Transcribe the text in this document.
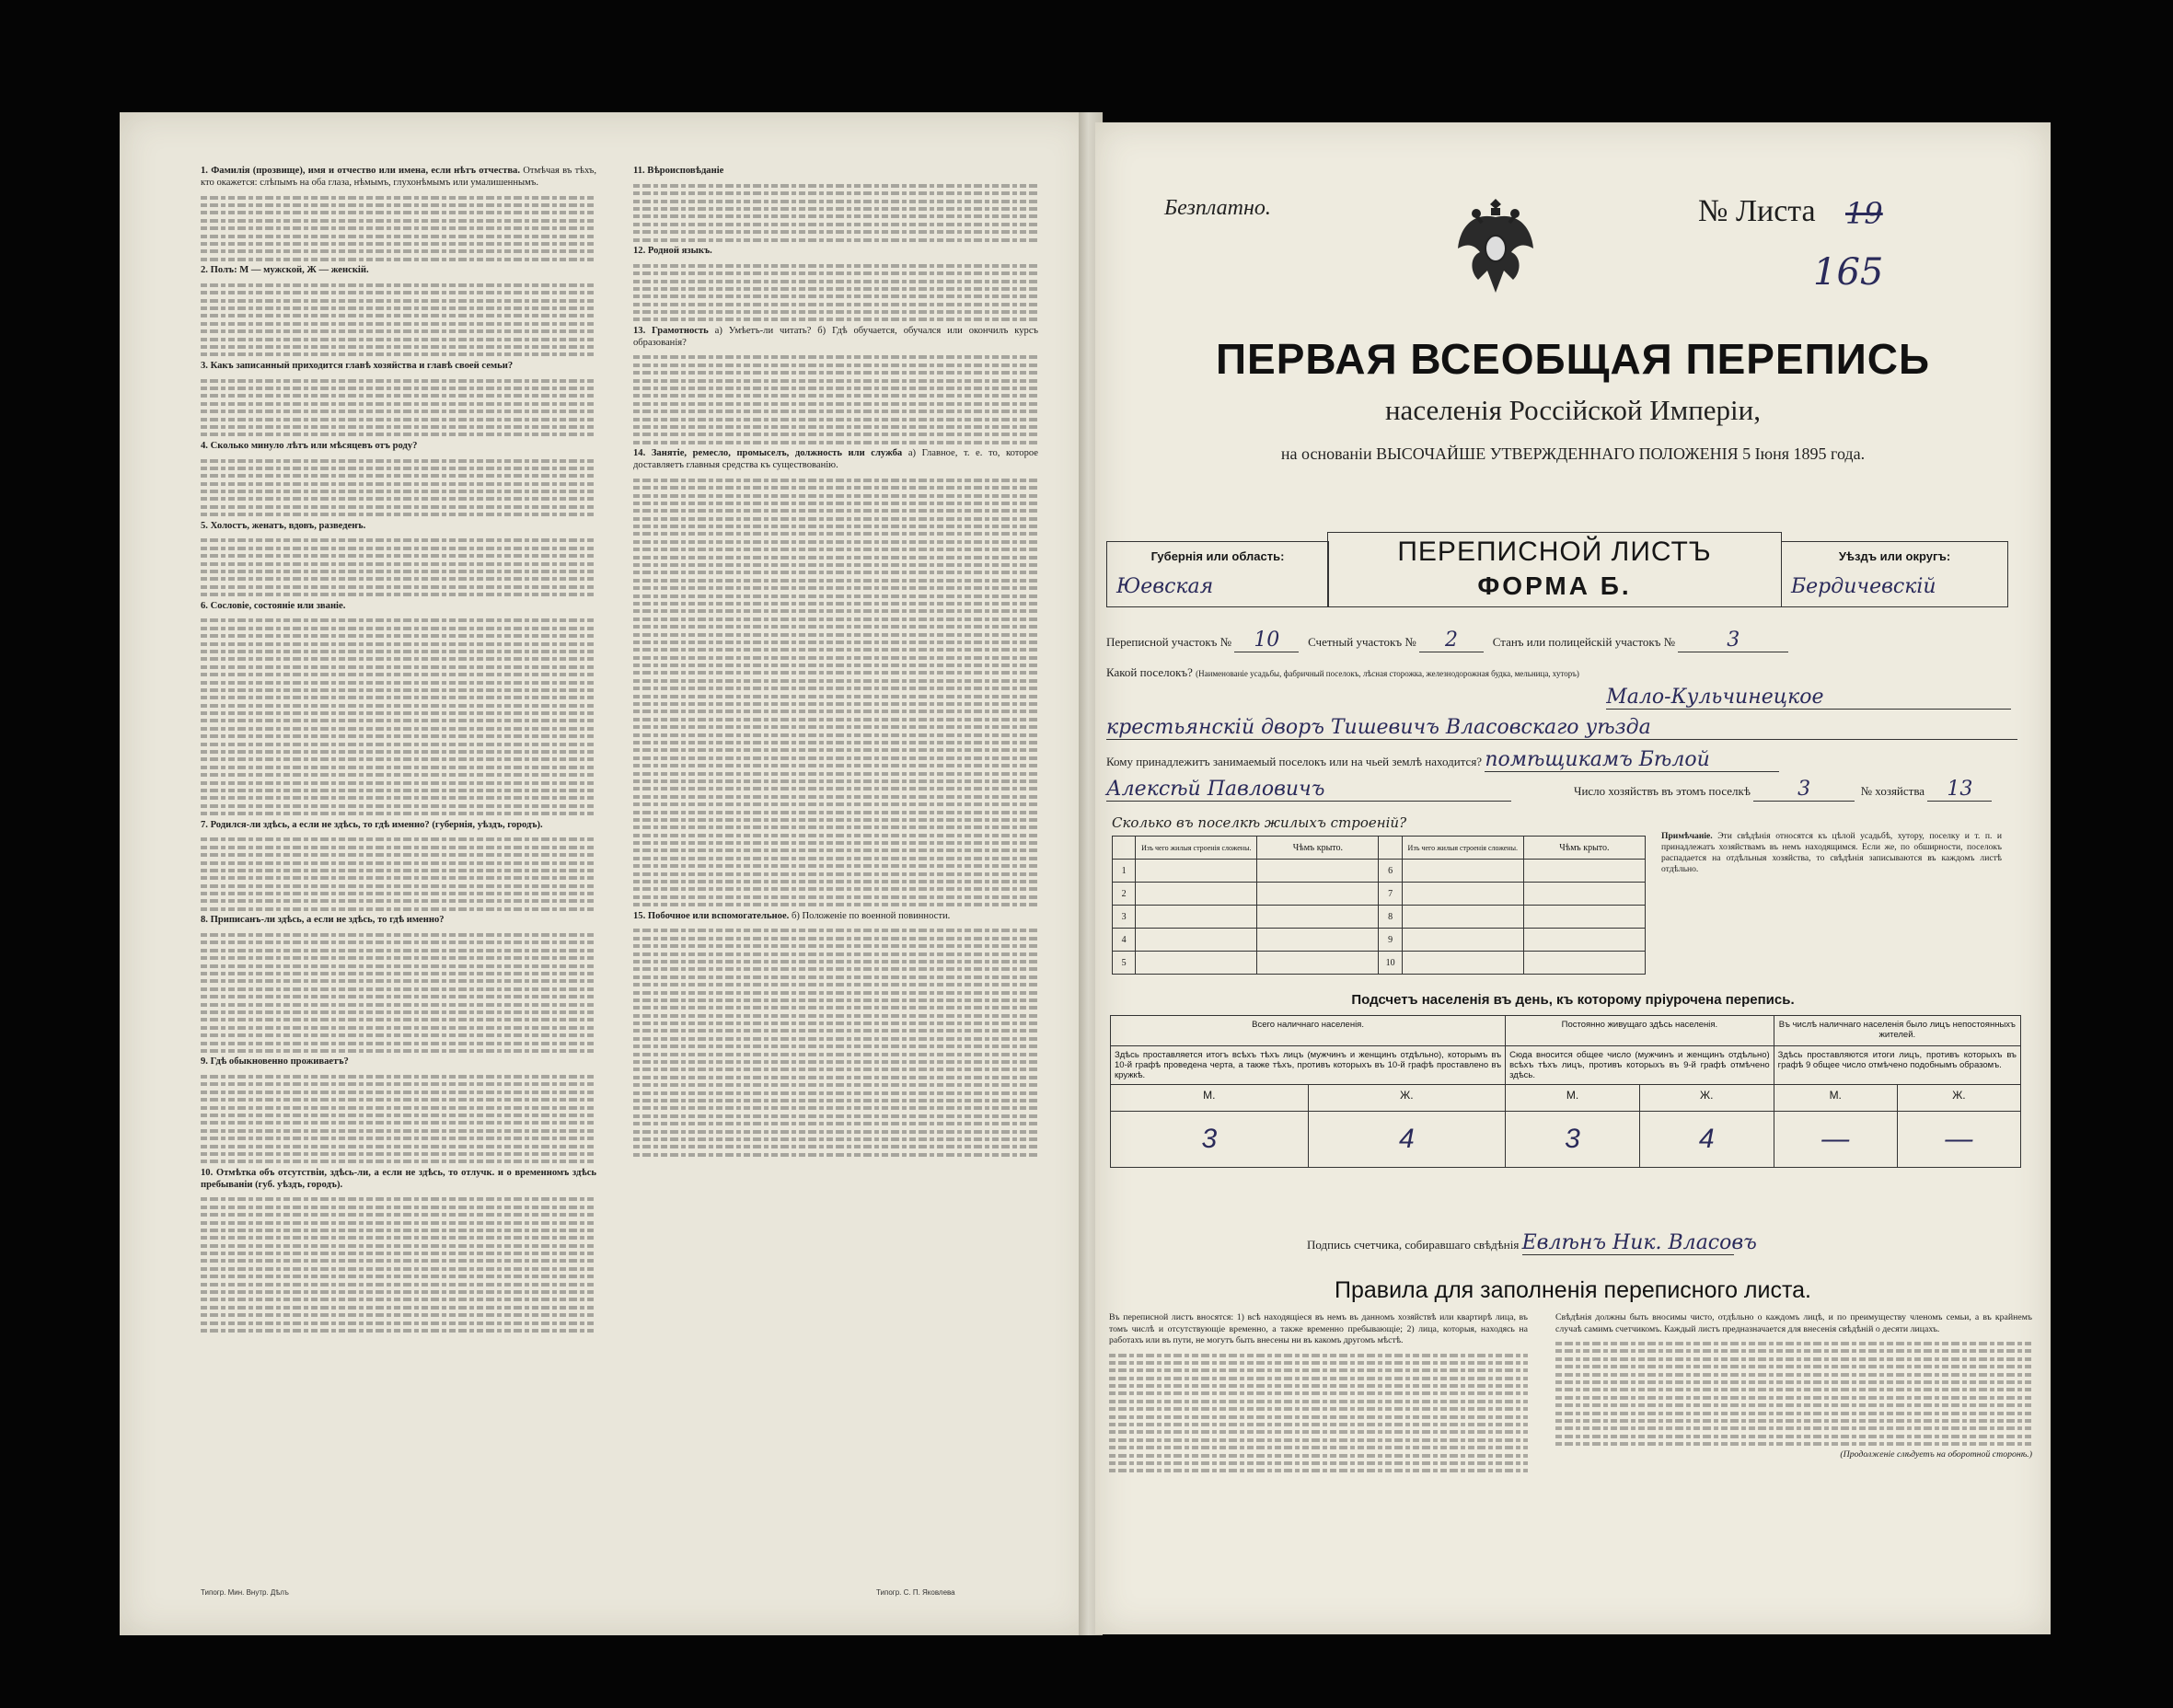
1. Фамилія (прозвище), имя и отчество или имена, если нѣтъ отчества. Отмѣчая въ тѣхъ, кто окажется: слѣпымъ на оба глаза, нѣмымъ, глухонѣмымъ или умалишеннымъ.

2. Полъ: М — мужской, Ж — женскій.

3. Какъ записанный приходится главѣ хозяйства и главѣ своей семьи?

4. Сколько минуло лѣтъ или мѣсяцевъ отъ роду?

5. Холостъ, женатъ, вдовъ, разведенъ.

6. Сословіе, состояніе или званіе.

7. Родился-ли здѣсь, а если не здѣсь, то гдѣ именно? (губернія, уѣздъ, городъ).

8. Приписанъ-ли здѣсь, а если не здѣсь, то гдѣ именно?

9. Гдѣ обыкновенно проживаетъ?

10. Отмѣтка объ отсутствіи, здѣсь-ли, а если не здѣсь, то отлучк. и о временномъ здѣсь пребываніи (губ. уѣздъ, городъ).

11. Вѣроисповѣданіе

12. Родной языкъ.

13. Грамотность а) Умѣетъ-ли читать? б) Гдѣ обучается, обучался или окончилъ курсъ образованія?

14. Занятіе, ремесло, промыселъ, должность или служба а) Главное, т. е. то, которое доставляетъ главныя средства къ существованію.

15. Побочное или вспомогательное. б) Положеніе по военной повинности.

Типогр. Мин. Внутр. Дѣлъ	Типогр. С. П. Яковлева
Безплатно.	№ Листа 19
165
ПЕРВАЯ ВСЕОБЩАЯ ПЕРЕПИСЬ
населенія Россійской Имперіи,
на основаніи ВЫСОЧАЙШЕ УТВЕРЖДЕННАГО ПОЛОЖЕНІЯ 5 Іюня 1895 года.
Губернія или область:
Юевская
ПЕРЕПИСНОЙ ЛИСТЪ
ФОРМА Б.
Уѣздъ или округъ:
Бердичевскій
Переписной участокъ № 10 Счетный участокъ № 2	Станъ или полицейскій участокъ №	3
Какой поселокъ? (Наименованіе усадьбы, фабричный поселокъ, лѣсная сторожка, железнодорожная будка, мельница, хуторъ)
Мало-Кульчинецкое
крестьянскій дворъ Тишевичъ Власовскаго уѣзда
Кому принадлежитъ занимаемый поселокъ или на чьей землѣ находится? помѣщикамъ Бѣлой
Алексѣй Павловичъ	Число хозяйствъ въ этомъ поселкѣ 3	№ хозяйства 13
Сколько въ поселкѣ жилыхъ строеній?
	Изъ чего жилыя строенія сложены.	Чѣмъ крыто.		Изъ чего жилыя строенія сложены.	Чѣмъ крыто.
1			6		
2			7		
3			8		
4			9		
5			10		

Примѣчаніе. Эти свѣдѣнія относятся къ цѣлой усадьбѣ, хутору, поселку и т. п. и принадлежатъ хозяйствамъ въ немъ находящимся. Если же, по обширности, поселокъ распадается на отдѣльныя хозяйства, то свѣдѣнія записываются въ каждомъ листѣ отдѣльно.

Подсчетъ населенія въ день, къ которому пріурочена перепись.
Всего наличнаго населенія.		Постоянно живущаго здѣсь населенія.		Въ числѣ наличнаго населенія было лицъ непостоянныхъ жителей.	
Здѣсь проставляется итогъ всѣхъ тѣхъ лицъ (мужчинъ и женщинъ отдѣльно), которымъ въ 10-й графѣ проведена черта, а также тѣхъ, противъ которыхъ въ 10-й графѣ проставлено въ кружкѣ.		Сюда вносится общее число (мужчинъ и женщинъ отдѣльно) всѣхъ тѣхъ лицъ, противъ которыхъ въ 9-й графѣ отмѣчено здѣсь.		Здѣсь проставляются итоги лицъ, противъ которыхъ въ графѣ 9 общее число отмѣчено подобнымъ образомъ.	
М.	Ж.	М.	Ж.	М.	Ж.
3	4	3	4	—	—
Подпись счетчика, собиравшаго свѣдѣнія Евлѣнъ Ник. Власовъ
Правила для заполненія переписного листа.

Въ переписной листъ вносятся: 1) всѣ находящіеся въ немъ въ данномъ хозяйствѣ или квартирѣ лица, въ томъ числѣ и отсутствующіе временно, а также временно пребывающіе; 2) лица, которыя, находясь на работахъ или въ пути, не могутъ быть внесены ни въ какомъ другомъ мѣстѣ.

Свѣдѣнія должны быть вносимы чисто, отдѣльно о каждомъ лицѣ, и по преимуществу членомъ семьи, а въ крайнемъ случаѣ самимъ счетчикомъ. Каждый листъ предназначается для внесенія свѣдѣній о десяти лицахъ.

(Продолженіе слѣдуетъ на оборотной сторонѣ.)
